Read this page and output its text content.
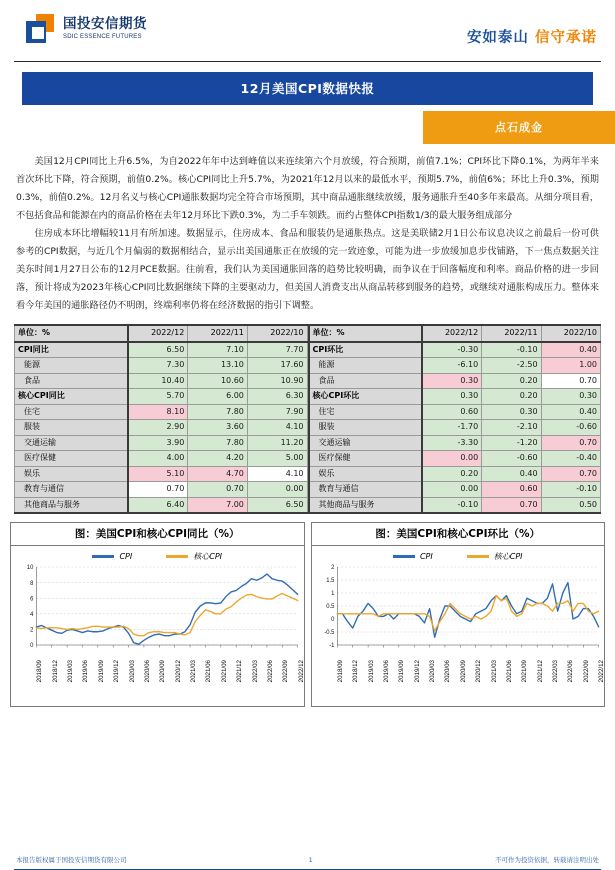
国投安信期货
SDIC ESSENCE FUTURES	安如泰山 信守承诺
12月美国CPI数据快报
点石成金

美国12月CPI同比上升6.5%，为自2022年年中达到峰值以来连续第六个月放缓，符合预期，前值7.1%；CPI环比下降0.1%，为两年半来首次环比下降，符合预期，前值0.2%。核心CPI同比上升5.7%，为2021年12月以来的最低水平，预期5.7%，前值6%；环比上升0.3%，预期0.3%，前值0.2%。12月名义与核心CPI通胀数据均完全符合市场预期，其中商品通胀继续放缓，服务通胀升至40多年来最高。从细分项目看，不包括食品和能源在内的商品价格在去年12月环比下跌0.3%，为二手车领跌。而约占整体CPI指数1/3的最大服务组成部分

住房成本环比增幅较11月有所加速。数据显示，住房成本、食品和服装仍是通胀热点。这是美联储2月1日公布议息决议之前最后一份可供参考的CPI数据，与近几个月偏弱的数据相结合，显示出美国通胀正在放缓的完一致迹象，可能为进一步放缓加息步伐铺路，下一焦点数据关注美东时间1月27日公布的12月PCE数据。往前看，我们认为美国通胀回落的趋势比较明确，而争议在于回落幅度和利率。商品价格的进一步回落，预计将成为2023年核心CPI同比数据继续下降的主要驱动力，但美国人消费支出从商品转移到服务的趋势，或继续对通胀构成压力。整体来看今年美国的通胀路径仍不明朗，终端利率仍将在经济数据的指引下调整。

单位：%	2022/12	2022/11	2022/10
CPI同比	6.50	7.10	7.70
能源	7.30	13.10	17.60
食品	10.40	10.60	10.90
核心CPI同比	5.70	6.00	6.30
住宅	8.10	7.80	7.90
服装	2.90	3.60	4.10
交通运输	3.90	7.80	11.20
医疗保健	4.00	4.20	5.00
娱乐	5.10	4.70	4.10
教育与通信	0.70	0.70	0.00
其他商品与服务	6.40	7.00	6.50
单位：%	2022/12	2022/11	2022/10
CPI环比	-0.30	-0.10	0.40
能源	-6.10	-2.50	1.00
食品	0.30	0.20	0.70
核心CPI环比	0.30	0.20	0.30
住宅	0.60	0.30	0.40
服装	-1.70	-2.10	-0.60
交通运输	-3.30	-1.20	0.70
医疗保健	0.00	-0.60	-0.40
娱乐	0.20	0.40	0.70
教育与通信	0.00	0.60	-0.10
其他商品与服务	-0.10	0.70	0.50
图：美国CPI和核心CPI同比（%）
CPI	核心CPI
0
2
4
6
8
10
2018/09 2018/12 2019/03 2019/06 2019/09 2019/12 2020/03 2020/06 2020/09 2020/12 2021/03 2021/06 2021/09 2021/12 2022/03 2022/06 2022/09 2022/12
图：美国CPI和核心CPI环比（%）
CPI	核心CPI
-1
-0.5
0
0.5
1
1.5
2
2018/09 2018/12 2019/03 2019/06 2019/09 2019/12 2020/03 2020/06 2020/09 2020/12 2021/03 2021/06 2021/09 2021/12 2022/03 2022/06 2022/09 2022/12
本报告版权属于国投安信期货有限公司	1	不可作为投资依据，转载请注明出处
